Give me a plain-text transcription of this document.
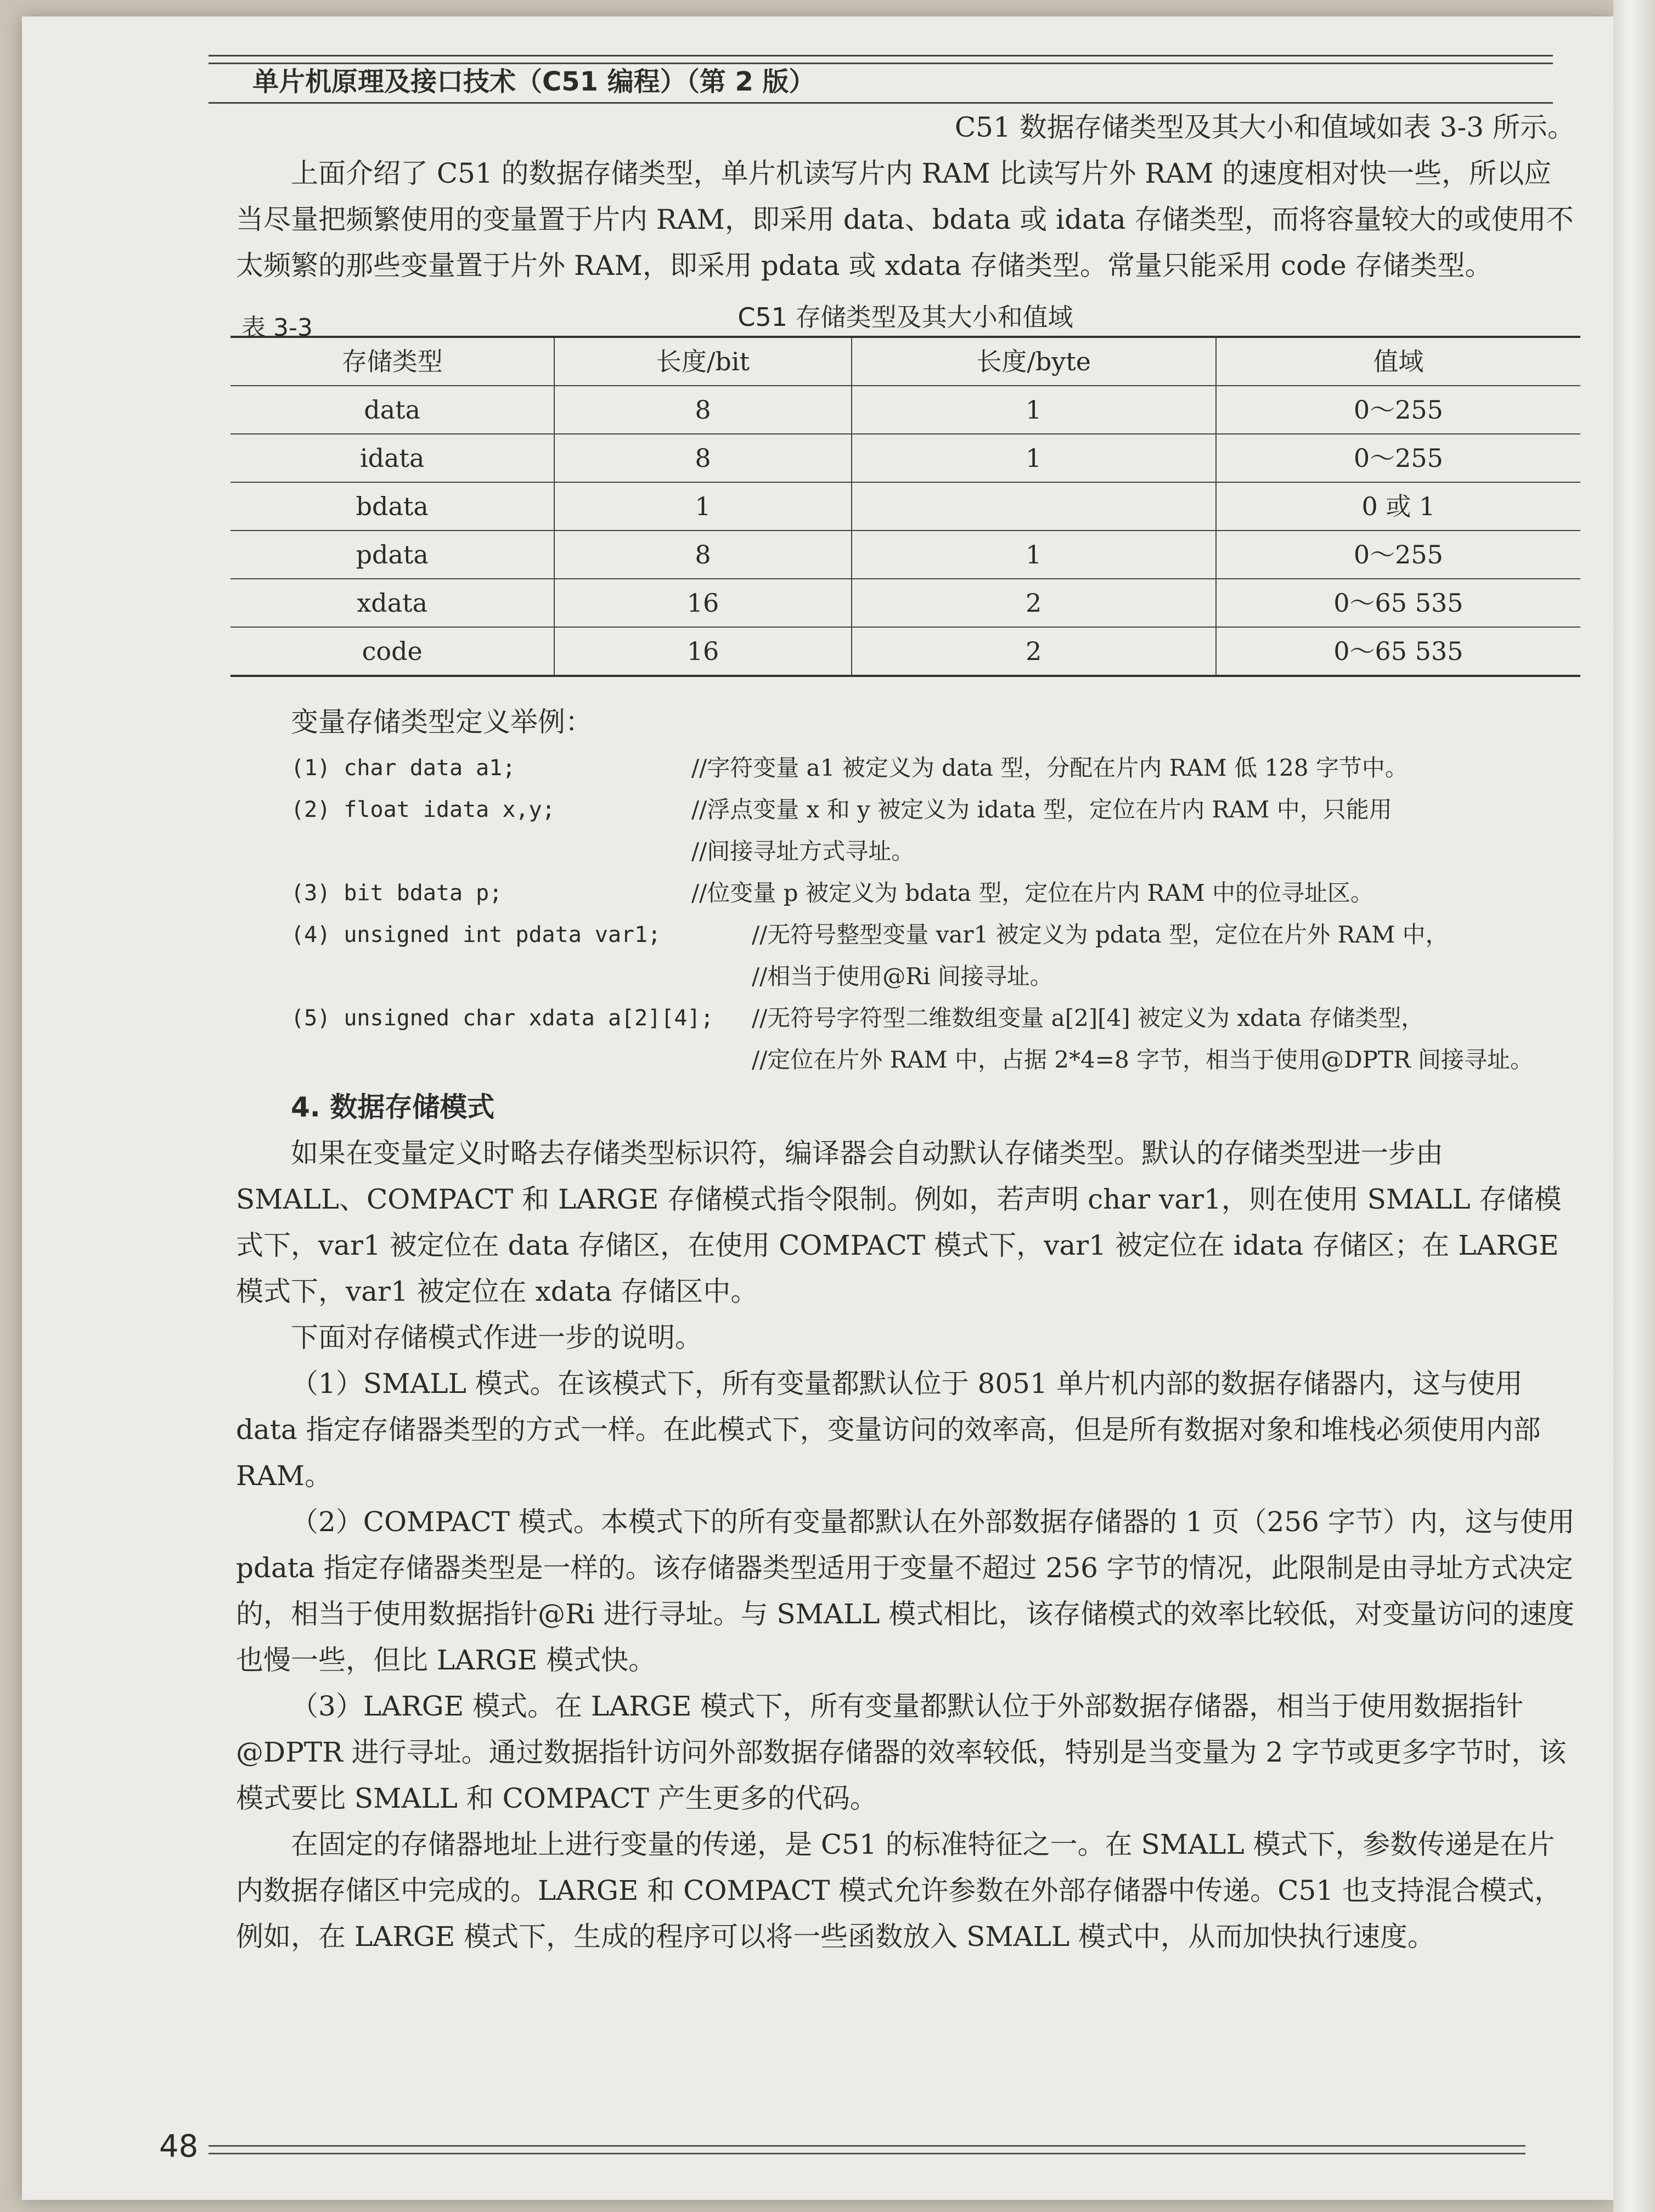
单片机原理及接口技术（C51 编程）（第 2 版）

C51 数据存储类型及其大小和值域如表 3-3 所示。

上面介绍了 C51 的数据存储类型，单片机读写片内 RAM 比读写片外 RAM 的速度相对快一些，所以应当尽量把频繁使用的变量置于片内 RAM，即采用 data、bdata 或 idata 存储类型，而将容量较大的或使用不太频繁的那些变量置于片外 RAM，即采用 pdata 或 xdata 存储类型。常量只能采用 code 存储类型。

表 3-3	C51 存储类型及其大小和值域
存储类型	长度/bit	长度/byte	值域
data	8	1	0～255
idata	8	1	0～255
bdata	1		0 或 1
pdata	8	1	0～255
xdata	16	2	0～65 535
code	16	2	0～65 535

变量存储类型定义举例：

(1) char data a1;	//字符变量 a1 被定义为 data 型，分配在片内 RAM 低 128 字节中。
(2) float idata x,y;	//浮点变量 x 和 y 被定义为 idata 型，定位在片内 RAM 中，只能用
//间接寻址方式寻址。
(3) bit bdata p;	//位变量 p 被定义为 bdata 型，定位在片内 RAM 中的位寻址区。
(4) unsigned int pdata var1;	//无符号整型变量 var1 被定义为 pdata 型，定位在片外 RAM 中，
//相当于使用@Ri 间接寻址。
(5) unsigned char xdata a[2][4]; //无符号字符型二维数组变量 a[2][4] 被定义为 xdata 存储类型，
//定位在片外 RAM 中，占据 2*4=8 字节，相当于使用@DPTR 间接寻址。

4. 数据存储模式

如果在变量定义时略去存储类型标识符，编译器会自动默认存储类型。默认的存储类型进一步由 SMALL、COMPACT 和 LARGE 存储模式指令限制。例如，若声明 char var1，则在使用 SMALL 存储模式下，var1 被定位在 data 存储区，在使用 COMPACT 模式下，var1 被定位在 idata 存储区；在 LARGE 模式下，var1 被定位在 xdata 存储区中。

下面对存储模式作进一步的说明。

（1）SMALL 模式。在该模式下，所有变量都默认位于 8051 单片机内部的数据存储器内，这与使用 data 指定存储器类型的方式一样。在此模式下，变量访问的效率高，但是所有数据对象和堆栈必须使用内部 RAM。

（2）COMPACT 模式。本模式下的所有变量都默认在外部数据存储器的 1 页（256 字节）内，这与使用 pdata 指定存储器类型是一样的。该存储器类型适用于变量不超过 256 字节的情况，此限制是由寻址方式决定的，相当于使用数据指针@Ri 进行寻址。与 SMALL 模式相比，该存储模式的效率比较低，对变量访问的速度也慢一些，但比 LARGE 模式快。

（3）LARGE 模式。在 LARGE 模式下，所有变量都默认位于外部数据存储器，相当于使用数据指针@DPTR 进行寻址。通过数据指针访问外部数据存储器的效率较低，特别是当变量为 2 字节或更多字节时，该模式要比 SMALL 和 COMPACT 产生更多的代码。

在固定的存储器地址上进行变量的传递，是 C51 的标准特征之一。在 SMALL 模式下，参数传递是在片内数据存储区中完成的。LARGE 和 COMPACT 模式允许参数在外部存储器中传递。C51 也支持混合模式，例如，在 LARGE 模式下，生成的程序可以将一些函数放入 SMALL 模式中，从而加快执行速度。

48
